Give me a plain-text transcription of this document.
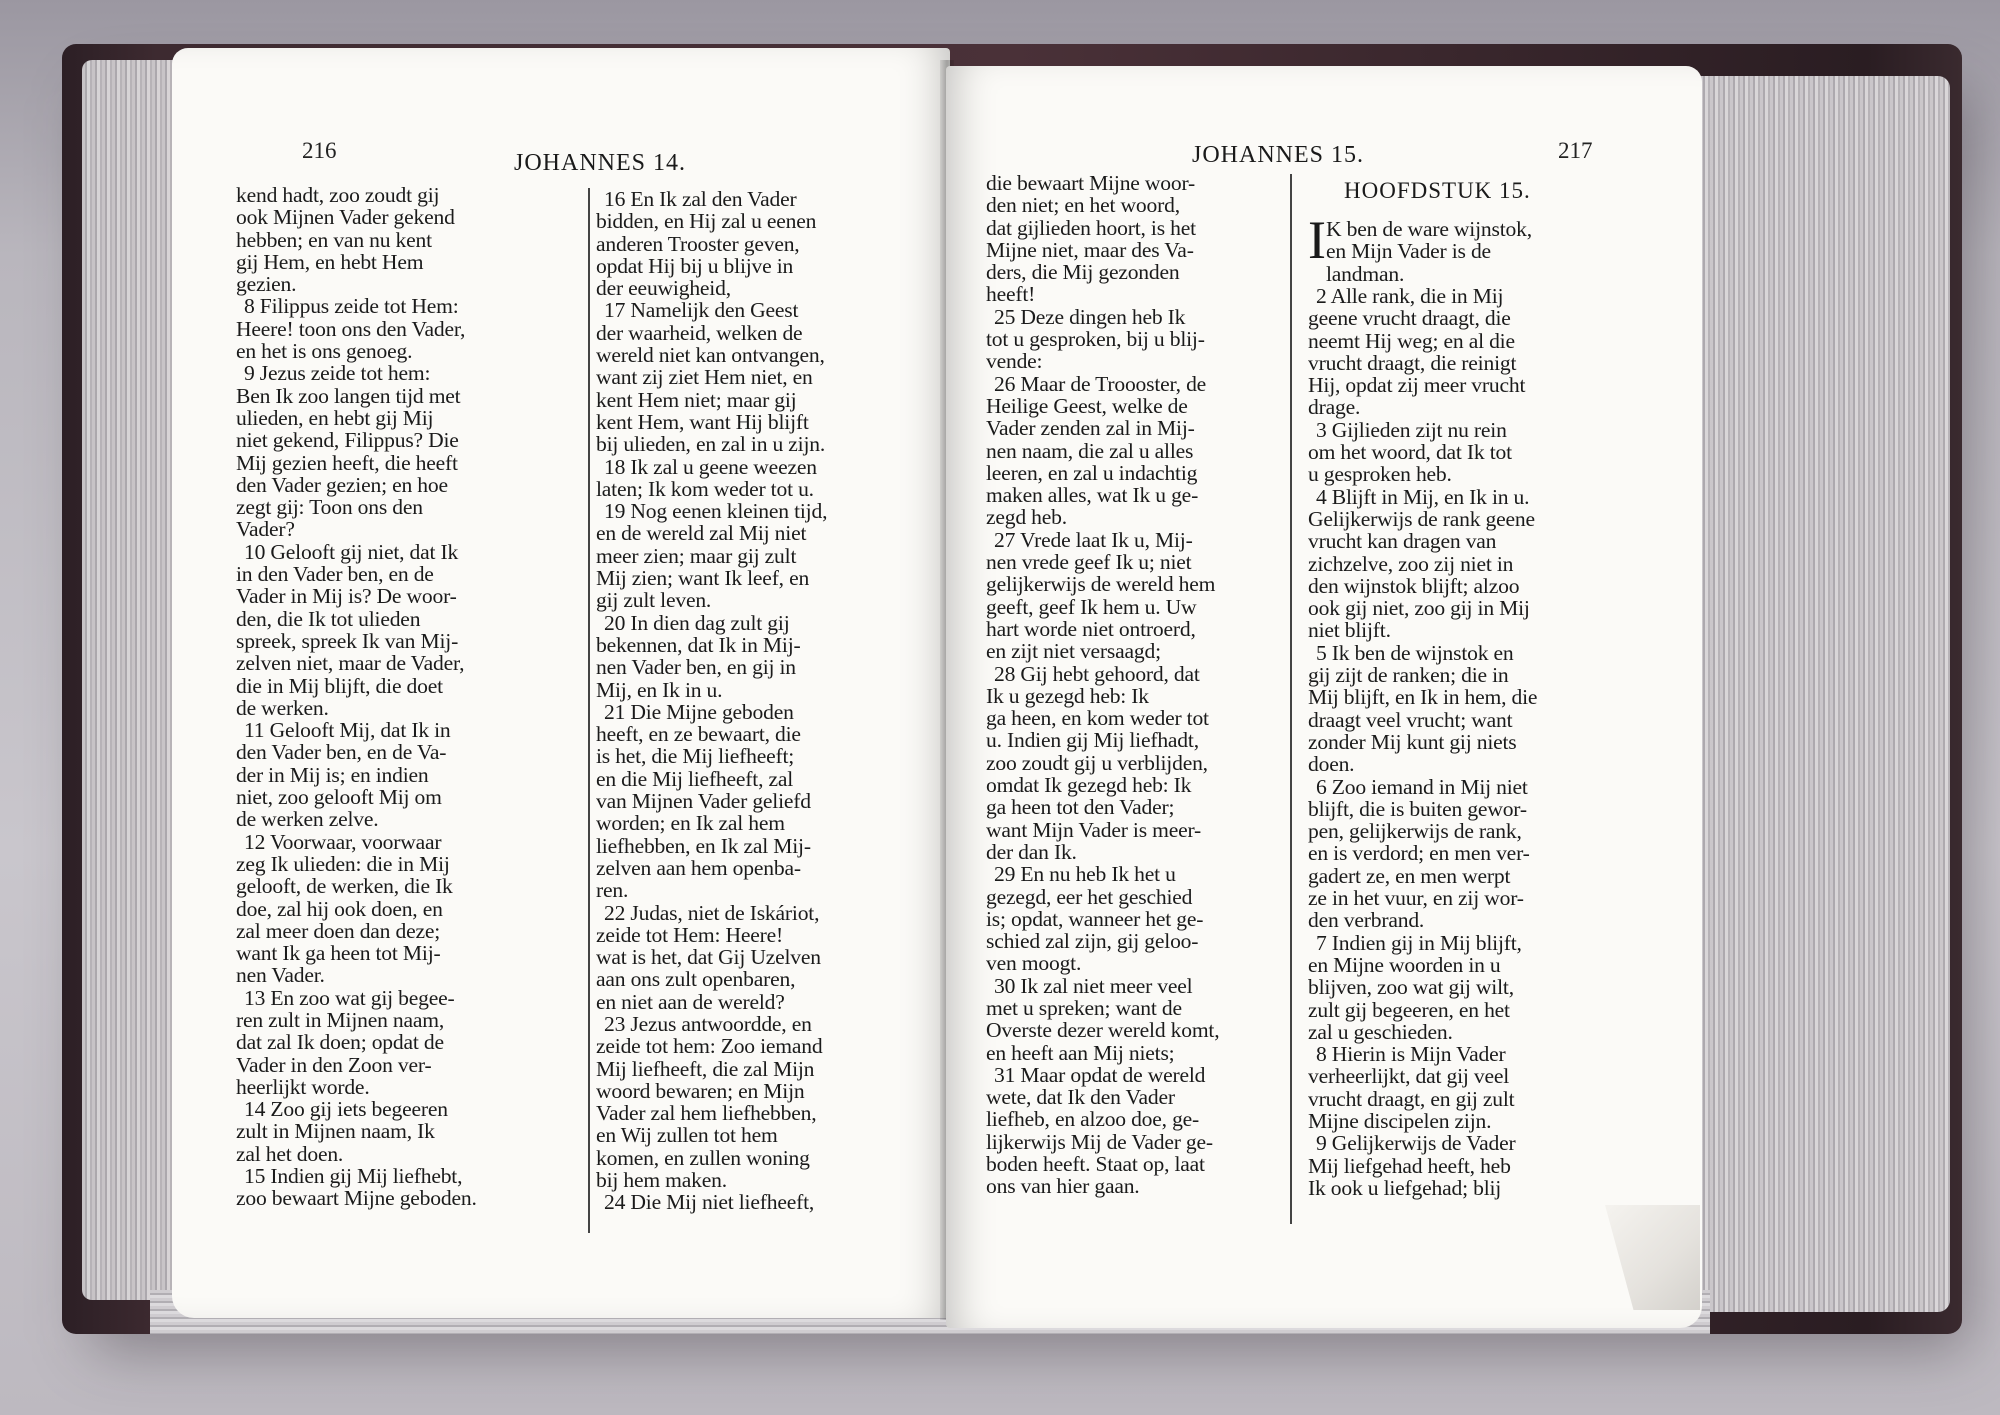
216	JOHANNES 14.
kend hadt, zoo zoudt gij
ook Mijnen Vader gekend
hebben; en van nu kent
gij Hem, en hebt Hem
gezien.
8 Filippus zeide tot Hem:
Heere! toon ons den Vader,
en het is ons genoeg.
9 Jezus zeide tot hem:
Ben Ik zoo langen tijd met
ulieden, en hebt gij Mij
niet gekend, Filippus? Die
Mij gezien heeft, die heeft
den Vader gezien; en hoe
zegt gij: Toon ons den
Vader?
10 Gelooft gij niet, dat Ik
in den Vader ben, en de
Vader in Mij is? De woor-
den, die Ik tot ulieden
spreek, spreek Ik van Mij-
zelven niet, maar de Vader,
die in Mij blijft, die doet
de werken.
11 Gelooft Mij, dat Ik in
den Vader ben, en de Va-
der in Mij is; en indien
niet, zoo gelooft Mij om
de werken zelve.
12 Voorwaar, voorwaar
zeg Ik ulieden: die in Mij
gelooft, de werken, die Ik
doe, zal hij ook doen, en
zal meer doen dan deze;
want Ik ga heen tot Mij-
nen Vader.
13 En zoo wat gij begee-
ren zult in Mijnen naam,
dat zal Ik doen; opdat de
Vader in den Zoon ver-
heerlijkt worde.
14 Zoo gij iets begeeren
zult in Mijnen naam, Ik
zal het doen.
15 Indien gij Mij liefhebt,
zoo bewaart Mijne geboden.
16 En Ik zal den Vader
bidden, en Hij zal u eenen
anderen Trooster geven,
opdat Hij bij u blijve in
der eeuwigheid,
17 Namelijk den Geest
der waarheid, welken de
wereld niet kan ontvangen,
want zij ziet Hem niet, en
kent Hem niet; maar gij
kent Hem, want Hij blijft
bij ulieden, en zal in u zijn.
18 Ik zal u geene weezen
laten; Ik kom weder tot u.
19 Nog eenen kleinen tijd,
en de wereld zal Mij niet
meer zien; maar gij zult
Mij zien; want Ik leef, en
gij zult leven.
20 In dien dag zult gij
bekennen, dat Ik in Mij-
nen Vader ben, en gij in
Mij, en Ik in u.
21 Die Mijne geboden
heeft, en ze bewaart, die
is het, die Mij liefheeft;
en die Mij liefheeft, zal
van Mijnen Vader geliefd
worden; en Ik zal hem
liefhebben, en Ik zal Mij-
zelven aan hem openba-
ren.
22 Judas, niet de Iskáriot,
zeide tot Hem: Heere!
wat is het, dat Gij Uzelven
aan ons zult openbaren,
en niet aan de wereld?
23 Jezus antwoordde, en
zeide tot hem: Zoo iemand
Mij liefheeft, die zal Mijn
woord bewaren; en Mijn
Vader zal hem liefhebben,
en Wij zullen tot hem
komen, en zullen woning
bij hem maken.
24 Die Mij niet liefheeft,
JOHANNES 15.	217
die bewaart Mijne woor-
den niet; en het woord,
dat gijlieden hoort, is het
Mijne niet, maar des Va-
ders, die Mij gezonden
heeft!
25 Deze dingen heb Ik
tot u gesproken, bij u blij-
vende:
26 Maar de Troooster, de
Heilige Geest, welke de
Vader zenden zal in Mij-
nen naam, die zal u alles
leeren, en zal u indachtig
maken alles, wat Ik u ge-
zegd heb.
27 Vrede laat Ik u, Mij-
nen vrede geef Ik u; niet
gelijkerwijs de wereld hem
geeft, geef Ik hem u. Uw
hart worde niet ontroerd,
en zijt niet versaagd;
28 Gij hebt gehoord, dat
Ik u gezegd heb: Ik
ga heen, en kom weder tot
u. Indien gij Mij liefhadt,
zoo zoudt gij u verblijden,
omdat Ik gezegd heb: Ik
ga heen tot den Vader;
want Mijn Vader is meer-
der dan Ik.
29 En nu heb Ik het u
gezegd, eer het geschied
is; opdat, wanneer het ge-
schied zal zijn, gij geloo-
ven moogt.
30 Ik zal niet meer veel
met u spreken; want de
Overste dezer wereld komt,
en heeft aan Mij niets;
31 Maar opdat de wereld
wete, dat Ik den Vader
liefheb, en alzoo doe, ge-
lijkerwijs Mij de Vader ge-
boden heeft. Staat op, laat
ons van hier gaan.
HOOFDSTUK 15.
I K ben de ware wijnstok,
en Mijn Vader is de
landman.
2 Alle rank, die in Mij
geene vrucht draagt, die
neemt Hij weg; en al die
vrucht draagt, die reinigt
Hij, opdat zij meer vrucht
drage.
3 Gijlieden zijt nu rein
om het woord, dat Ik tot
u gesproken heb.
4 Blijft in Mij, en Ik in u.
Gelijkerwijs de rank geene
vrucht kan dragen van
zichzelve, zoo zij niet in
den wijnstok blijft; alzoo
ook gij niet, zoo gij in Mij
niet blijft.
5 Ik ben de wijnstok en
gij zijt de ranken; die in
Mij blijft, en Ik in hem, die
draagt veel vrucht; want
zonder Mij kunt gij niets
doen.
6 Zoo iemand in Mij niet
blijft, die is buiten gewor-
pen, gelijkerwijs de rank,
en is verdord; en men ver-
gadert ze, en men werpt
ze in het vuur, en zij wor-
den verbrand.
7 Indien gij in Mij blijft,
en Mijne woorden in u
blijven, zoo wat gij wilt,
zult gij begeeren, en het
zal u geschieden.
8 Hierin is Mijn Vader
verheerlijkt, dat gij veel
vrucht draagt, en gij zult
Mijne discipelen zijn.
9 Gelijkerwijs de Vader
Mij liefgehad heeft, heb
Ik ook u liefgehad; blij
